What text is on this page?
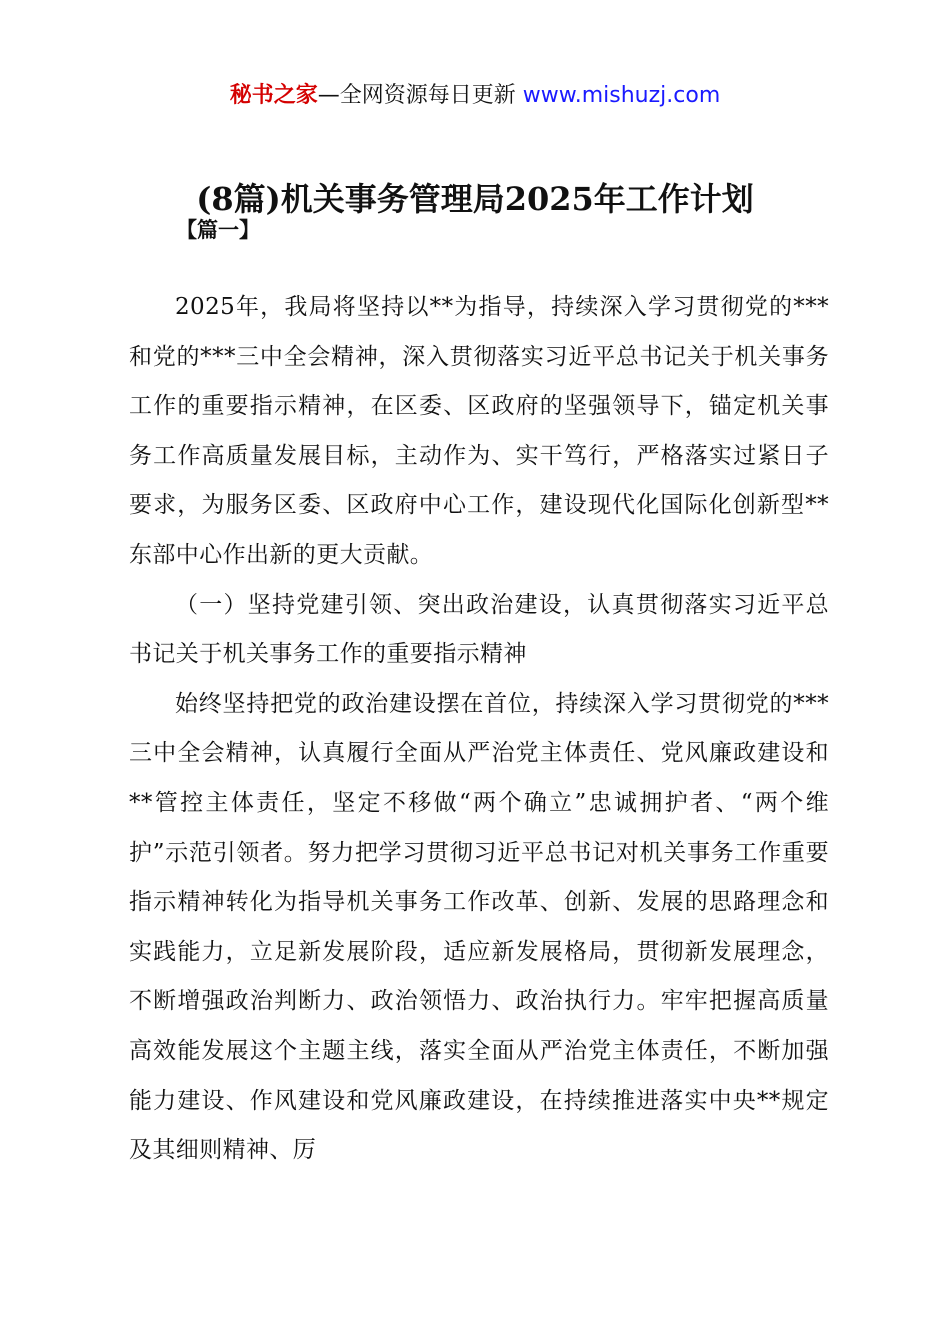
秘书之家—全网资源每日更新 www.mishuzj.com
(8篇)机关事务管理局2025年工作计划
【篇一】

2025年，我局将坚持以**为指导，持续深入学习贯彻党的***和党的***三中全会精神，深入贯彻落实习近平总书记关于机关事务工作的重要指示精神，在区委、区政府的坚强领导下，锚定机关事务工作高质量发展目标，主动作为、实干笃行，严格落实过紧日子要求，为服务区委、区政府中心工作，建设现代化国际化创新型**东部中心作出新的更大贡献。

（一）坚持党建引领、突出政治建设，认真贯彻落实习近平总书记关于机关事务工作的重要指示精神

始终坚持把党的政治建设摆在首位，持续深入学习贯彻党的***三中全会精神，认真履行全面从严治党主体责任、党风廉政建设和**管控主体责任，坚定不移做“两个确立”忠诚拥护者、“两个维护”示范引领者。努力把学习贯彻习近平总书记对机关事务工作重要指示精神转化为指导机关事务工作改革、创新、发展的思路理念和实践能力，立足新发展阶段，适应新发展格局，贯彻新发展理念，不断增强政治判断力、政治领悟力、政治执行力。牢牢把握高质量高效能发展这个主题主线，落实全面从严治党主体责任，不断加强能力建设、作风建设和党风廉政建设，在持续推进落实中央**规定及其细则精神、厉
